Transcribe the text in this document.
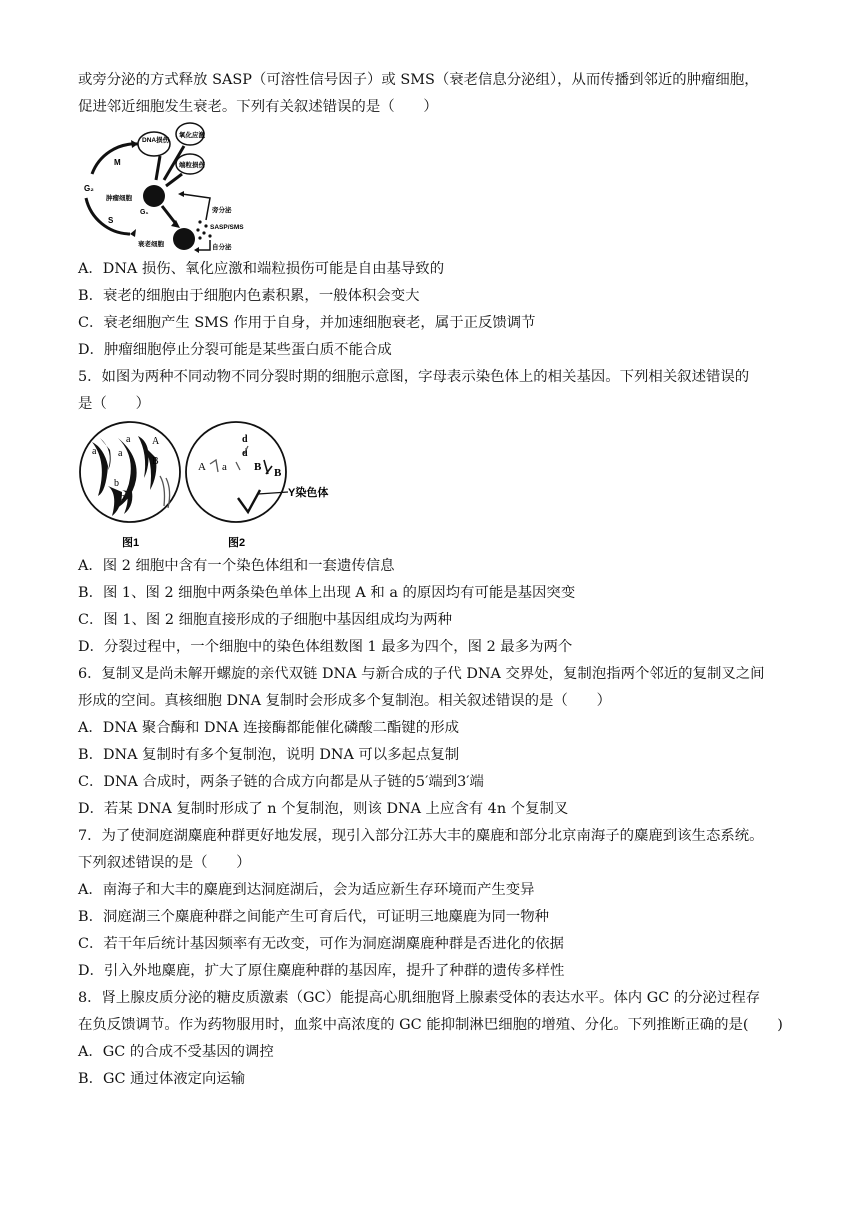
或旁分泌的方式释放 SASP（可溶性信号因子）或 SMS（衰老信息分泌组），从而传播到邻近的肿瘤细胞，
促进邻近细胞发生衰老。下列有关叙述错误的是（　　）
M
G₂
S
DNA损伤
氧化应激
端粒损伤
肿瘤细胞
G₁
衰老细胞
旁分泌
SASP/SMS
自分泌
A．DNA 损伤、氧化应激和端粒损伤可能是自由基导致的
B．衰老的细胞由于细胞内色素积累，一般体积会变大
C．衰老细胞产生 SMS 作用于自身，并加速细胞衰老，属于正反馈调节
D．肿瘤细胞停止分裂可能是某些蛋白质不能合成
5．如图为两种不同动物不同分裂时期的细胞示意图，字母表示染色体上的相关基因。下列相关叙述错误的
是（　　）
a a
a A
B
b
b
图1
d
d
A a B B
Y染色体
图2
A．图 2 细胞中含有一个染色体组和一套遗传信息
B．图 1、图 2 细胞中两条染色单体上出现 A 和 a 的原因均有可能是基因突变
C．图 1、图 2 细胞直接形成的子细胞中基因组成均为两种
D．分裂过程中，一个细胞中的染色体组数图 1 最多为四个，图 2 最多为两个
6．复制叉是尚未解开螺旋的亲代双链 DNA 与新合成的子代 DNA 交界处，复制泡指两个邻近的复制叉之间
形成的空间。真核细胞 DNA 复制时会形成多个复制泡。相关叙述错误的是（　　）
A．DNA 聚合酶和 DNA 连接酶都能催化磷酸二酯键的形成
B．DNA 复制时有多个复制泡，说明 DNA 可以多起点复制
C．DNA 合成时，两条子链的合成方向都是从子链的5′端到3′端
D．若某 DNA 复制时形成了 n 个复制泡，则该 DNA 上应含有 4n 个复制叉
7．为了使洞庭湖麋鹿种群更好地发展，现引入部分江苏大丰的麋鹿和部分北京南海子的麋鹿到该生态系统。
下列叙述错误的是（　　）
A．南海子和大丰的麋鹿到达洞庭湖后，会为适应新生存环境而产生变异
B．洞庭湖三个麋鹿种群之间能产生可育后代，可证明三地麋鹿为同一物种
C．若干年后统计基因频率有无改变，可作为洞庭湖麋鹿种群是否进化的依据
D．引入外地麋鹿，扩大了原住麋鹿种群的基因库，提升了种群的遗传多样性
8．肾上腺皮质分泌的糖皮质激素（GC）能提高心肌细胞肾上腺素受体的表达水平。体内 GC 的分泌过程存
在负反馈调节。作为药物服用时，血浆中高浓度的 GC 能抑制淋巴细胞的增殖、分化。下列推断正确的是(　　)
A．GC 的合成不受基因的调控
B．GC 通过体液定向运输
